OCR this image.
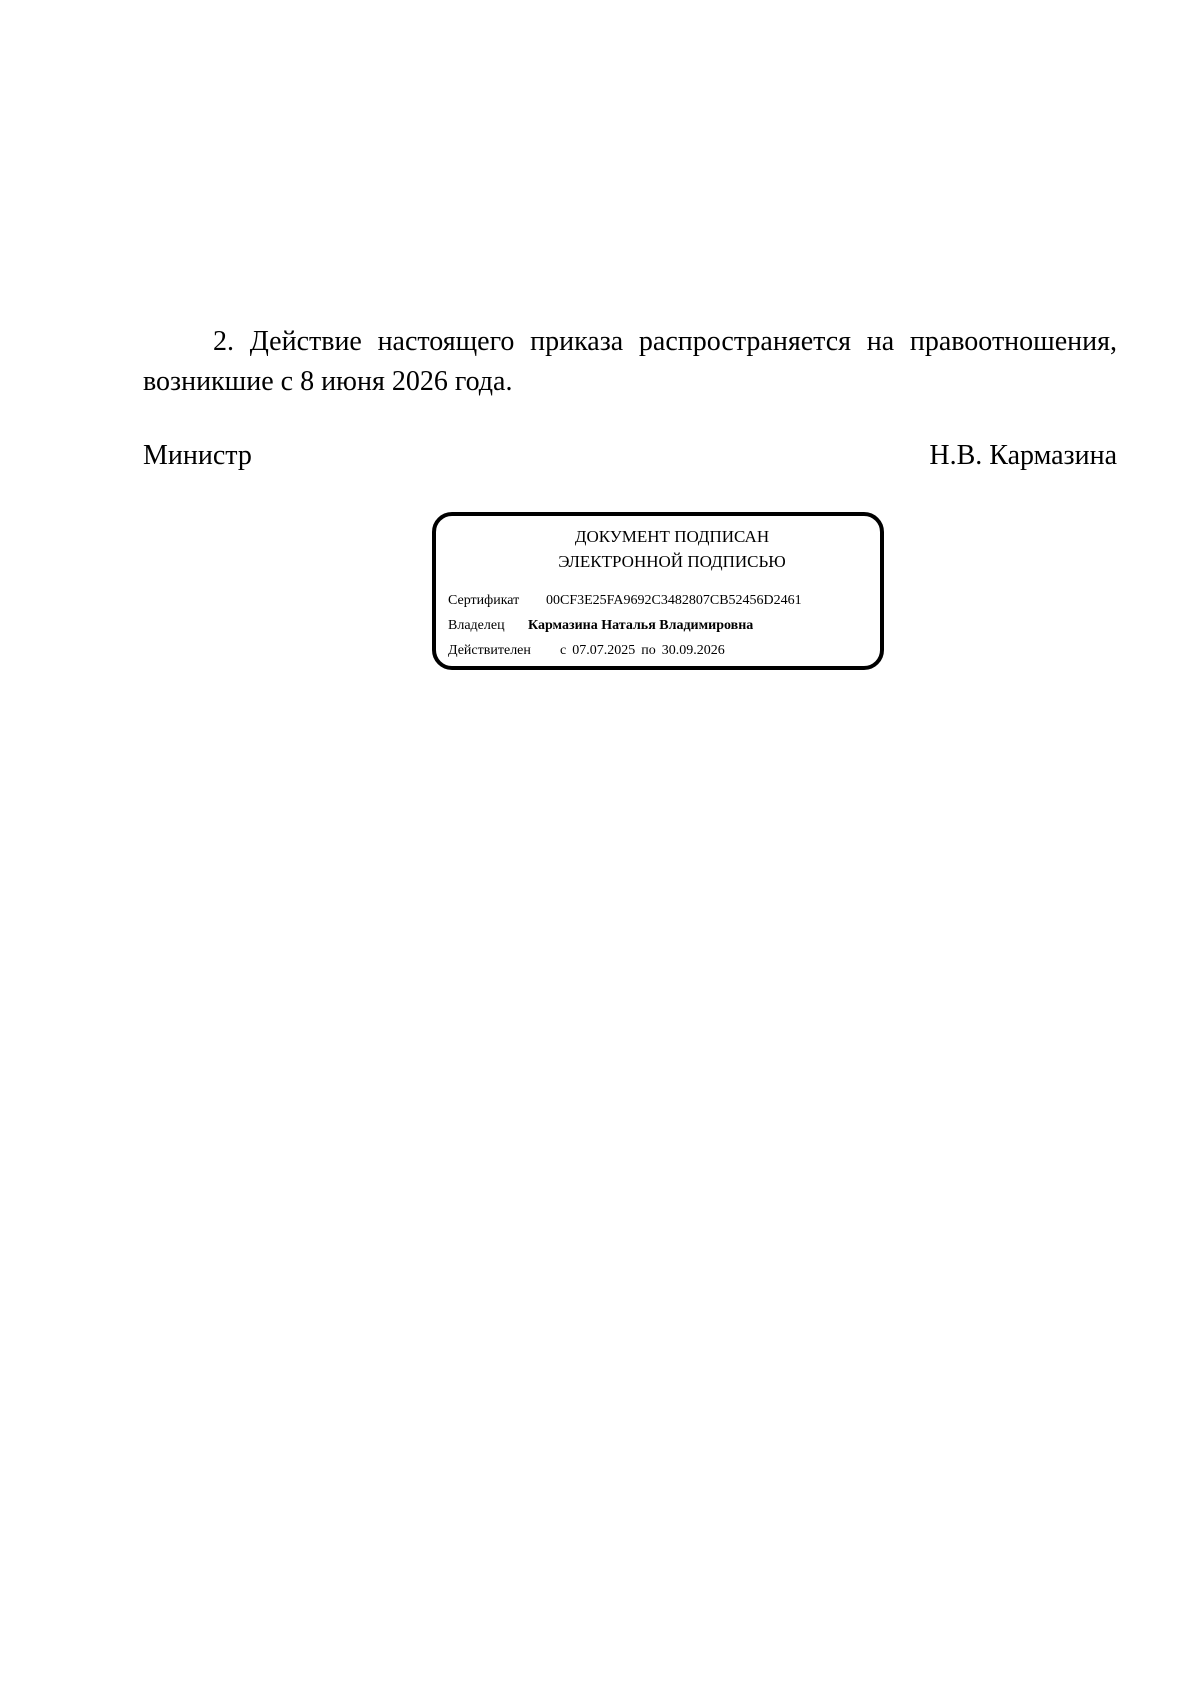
2. Действие настоящего приказа распространяется на правоотношения, возникшие с 8 июня 2026 года.

Министр	Н.В. Кармазина
ДОКУМЕНТ ПОДПИСАН
ЭЛЕКТРОННОЙ ПОДПИСЬЮ
Сертификат 00CF3E25FA9692C3482807CB52456D2461
Владелец Кармазина Наталья Владимировна
Действителен с 07.07.2025 по 30.09.2026
